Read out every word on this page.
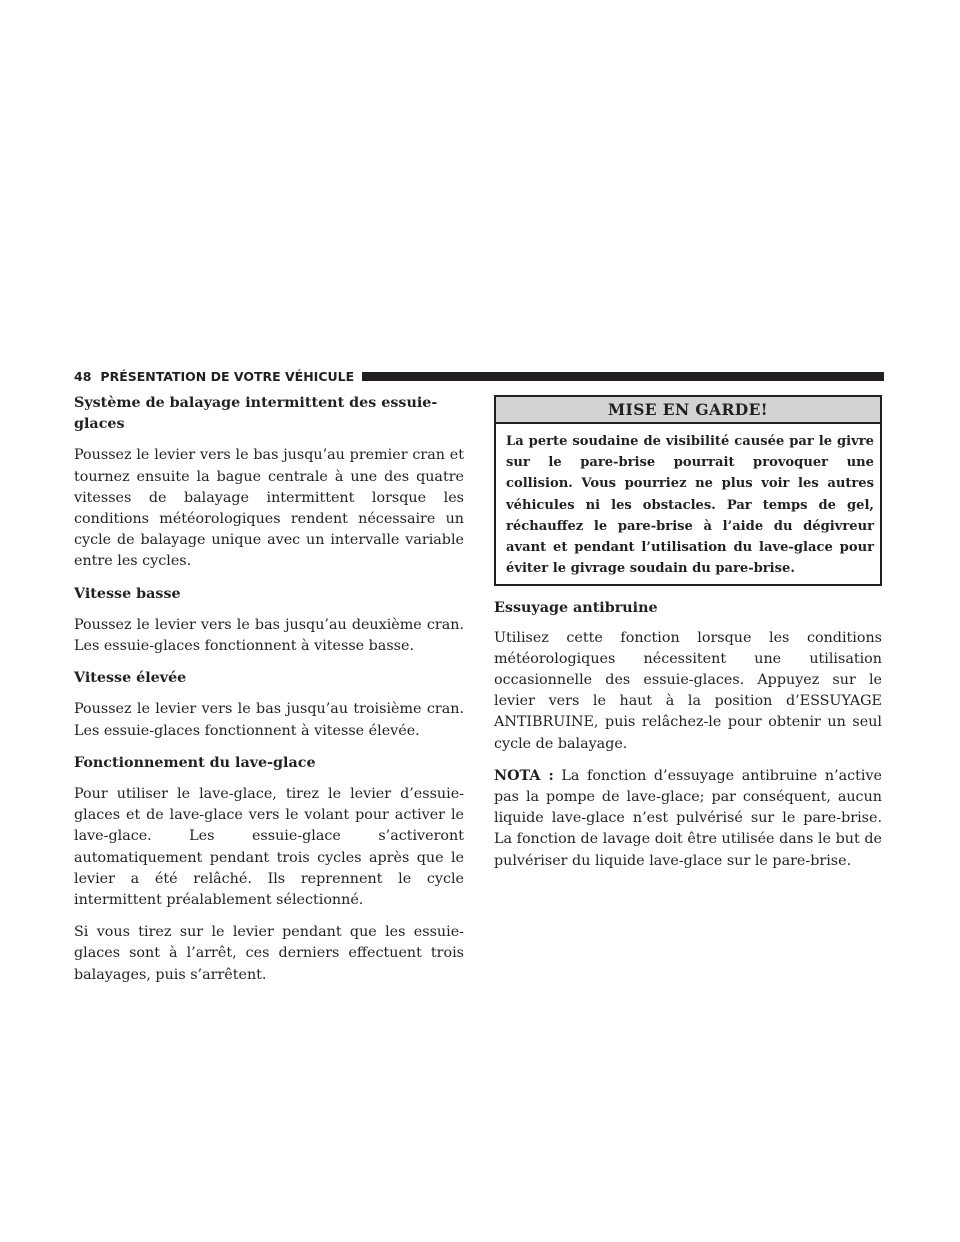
48 PRÉSENTATION DE VOTRE VÉHICULE
Système de balayage intermittent des essuie-glaces

Poussez le levier vers le bas jusqu’au premier cran et tournez ensuite la bague centrale à une des quatre vitesses de balayage intermittent lorsque les conditions météorologiques rendent nécessaire un cycle de balayage unique avec un intervalle variable entre les cycles.

Vitesse basse

Poussez le levier vers le bas jusqu’au deuxième cran. Les essuie-glaces fonctionnent à vitesse basse.

Vitesse élevée

Poussez le levier vers le bas jusqu’au troisième cran. Les essuie-glaces fonctionnent à vitesse élevée.

Fonctionnement du lave-glace

Pour utiliser le lave-glace, tirez le levier d’essuie-glaces et de lave-glace vers le volant pour activer le lave-glace. Les essuie-glace s’activeront automatiquement pendant trois cycles après que le levier a été relâché. Ils reprennent le cycle intermittent préalablement sélectionné.

Si vous tirez sur le levier pendant que les essuie-glaces sont à l’arrêt, ces derniers effectuent trois balayages, puis s’arrêtent.

MISE EN GARDE!
La perte soudaine de visibilité causée par le givre sur le pare-brise pourrait provoquer une collision. Vous pourriez ne plus voir les autres véhicules ni les obstacles. Par temps de gel, réchauffez le pare-brise à l’aide du dégivreur avant et pendant l’utilisation du lave-glace pour éviter le givrage soudain du pare-brise.
Essuyage antibruine

Utilisez cette fonction lorsque les conditions météorologiques nécessitent une utilisation occasionnelle des essuie-glaces. Appuyez sur le levier vers le haut à la position d’ESSUYAGE ANTIBRUINE, puis relâchez-le pour obtenir un seul cycle de balayage.

NOTA : La fonction d’essuyage antibruine n’active pas la pompe de lave-glace; par conséquent, aucun liquide lave-glace n’est pulvérisé sur le pare-brise. La fonction de lavage doit être utilisée dans le but de pulvériser du liquide lave-glace sur le pare-brise.
